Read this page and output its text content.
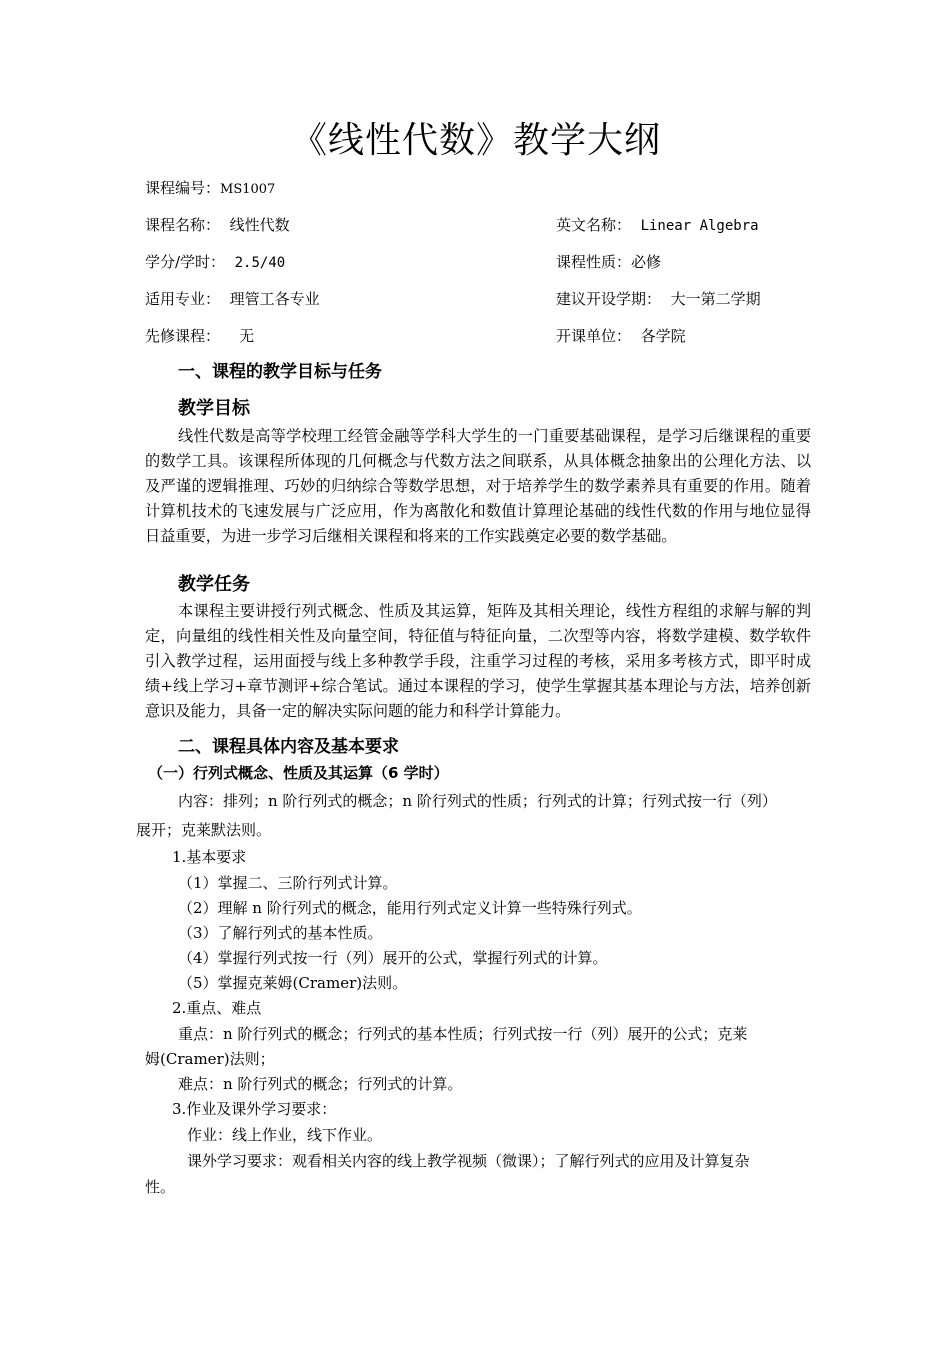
《线性代数》教学大纲
课程编号：MS1007
课程名称： 线性代数	英文名称： Linear Algebra
学分/学时： 2.5/40	课程性质：必修
适用专业： 理管工各专业	建议开设学期： 大一第二学期
先修课程： 无	开课单位： 各学院
一、课程的教学目标与任务
教学目标
线性代数是高等学校理工经管金融等学科大学生的一门重要基础课程，是学习后继课程的重要的数学工具。该课程所体现的几何概念与代数方法之间联系，从具体概念抽象出的公理化方法、以及严谨的逻辑推理、巧妙的归纳综合等数学思想，对于培养学生的数学素养具有重要的作用。随着计算机技术的飞速发展与广泛应用，作为离散化和数值计算理论基础的线性代数的作用与地位显得日益重要，为进一步学习后继相关课程和将来的工作实践奠定必要的数学基础。
教学任务
本课程主要讲授行列式概念、性质及其运算，矩阵及其相关理论，线性方程组的求解与解的判定，向量组的线性相关性及向量空间，特征值与特征向量，二次型等内容，将数学建模、数学软件引入教学过程，运用面授与线上多种教学手段，注重学习过程的考核，采用多考核方式，即平时成绩+线上学习+章节测评+综合笔试。通过本课程的学习，使学生掌握其基本理论与方法，培养创新意识及能力，具备一定的解决实际问题的能力和科学计算能力。
二、课程具体内容及基本要求
（一）行列式概念、性质及其运算（6 学时）
内容：排列；n 阶行列式的概念；n 阶行列式的性质；行列式的计算；行列式按一行（列）
展开；克莱默法则。
1.基本要求
（1）掌握二、三阶行列式计算。
（2）理解 n 阶行列式的概念，能用行列式定义计算一些特殊行列式。
（3）了解行列式的基本性质。
（4）掌握行列式按一行（列）展开的公式，掌握行列式的计算。
（5）掌握克莱姆(Cramer)法则。
2.重点、难点
重点：n 阶行列式的概念；行列式的基本性质；行列式按一行（列）展开的公式；克莱
姆(Cramer)法则；
难点：n 阶行列式的概念；行列式的计算。
3.作业及课外学习要求：
作业：线上作业，线下作业。
课外学习要求：观看相关内容的线上教学视频（微课）；了解行列式的应用及计算复杂
性。
